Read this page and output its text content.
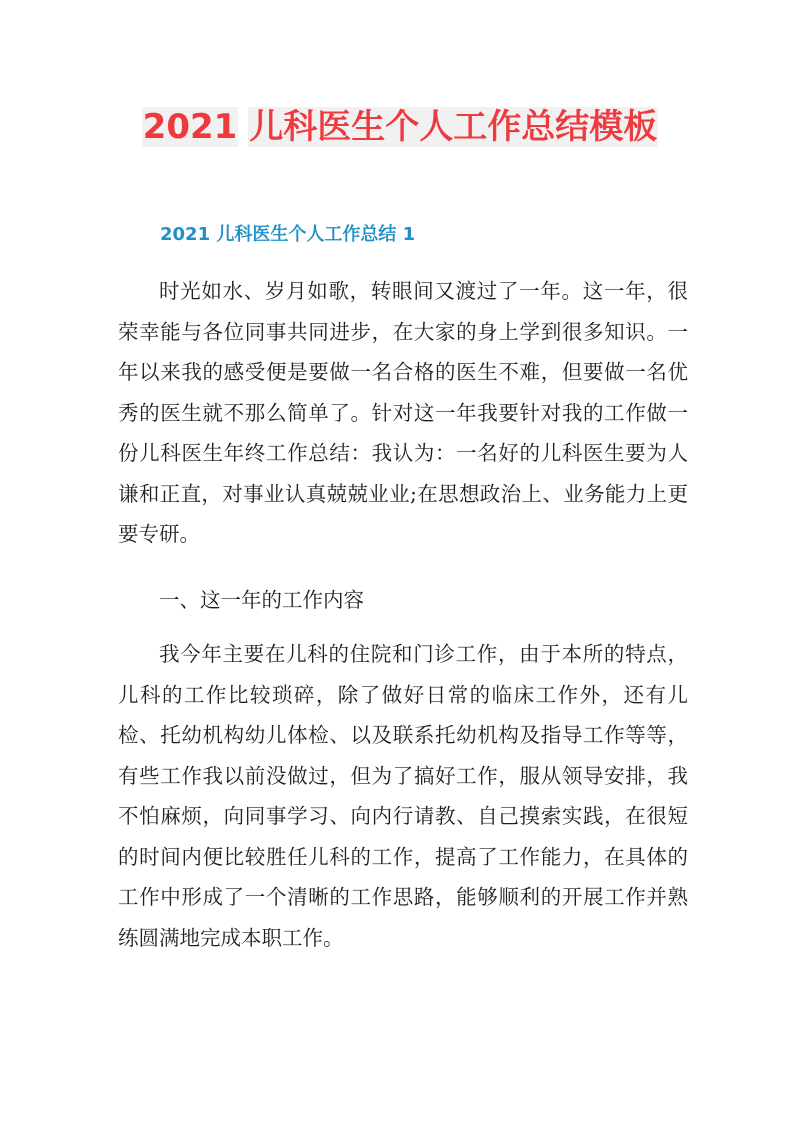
2021 儿科医生个人工作总结模板
2021 儿科医生个人工作总结 1

时光如水、岁月如歌，转眼间又渡过了一年。这一年，很荣幸能与各位同事共同进步，在大家的身上学到很多知识。一年以来我的感受便是要做一名合格的医生不难，但要做一名优秀的医生就不那么简单了。针对这一年我要针对我的工作做一份儿科医生年终工作总结：我认为：一名好的儿科医生要为人谦和正直，对事业认真兢兢业业;在思想政治上、业务能力上更要专研。

一、这一年的工作内容

我今年主要在儿科的住院和门诊工作，由于本所的特点，儿科的工作比较琐碎，除了做好日常的临床工作外，还有儿检、托幼机构幼儿体检、以及联系托幼机构及指导工作等等，有些工作我以前没做过，但为了搞好工作，服从领导安排，我不怕麻烦，向同事学习、向内行请教、自己摸索实践，在很短的时间内便比较胜任儿科的工作，提高了工作能力，在具体的工作中形成了一个清晰的工作思路，能够顺利的开展工作并熟练圆满地完成本职工作。
